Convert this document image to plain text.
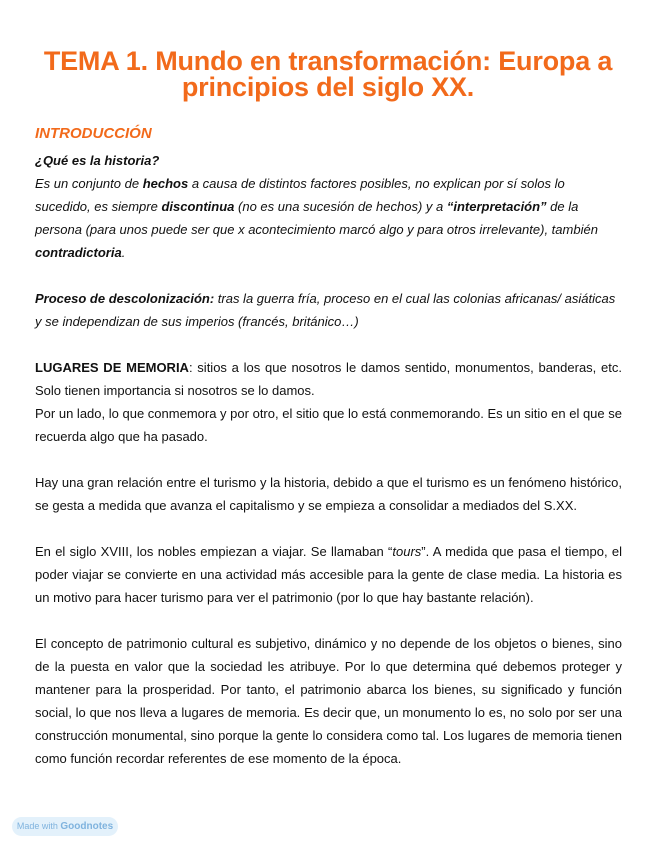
TEMA 1. Mundo en transformación: Europa a
principios del siglo XX.
INTRODUCCIÓN
¿Qué es la historia?
Es un conjunto de hechos a causa de distintos factores posibles, no explican por sí solos lo sucedido, es siempre discontinua (no es una sucesión de hechos) y a “interpretación” de la persona (para unos puede ser que x acontecimiento marcó algo y para otros irrelevante), también contradictoria.
Proceso de descolonización: tras la guerra fría, proceso en el cual las colonias africanas/ asiáticas y se independizan de sus imperios (francés, británico…)
LUGARES DE MEMORIA: sitios a los que nosotros le damos sentido, monumentos, banderas, etc. Solo tienen importancia si nosotros se lo damos.
Por un lado, lo que conmemora y por otro, el sitio que lo está conmemorando. Es un sitio en el que se recuerda algo que ha pasado.
Hay una gran relación entre el turismo y la historia, debido a que el turismo es un fenómeno histórico, se gesta a medida que avanza el capitalismo y se empieza a consolidar a mediados del S.XX.
En el siglo XVIII, los nobles empiezan a viajar. Se llamaban “tours”. A medida que pasa el tiempo, el poder viajar se convierte en una actividad más accesible para la gente de clase media. La historia es un motivo para hacer turismo para ver el patrimonio (por lo que hay bastante relación).
El concepto de patrimonio cultural es subjetivo, dinámico y no depende de los objetos o bienes, sino de la puesta en valor que la sociedad les atribuye. Por lo que determina qué debemos proteger y mantener para la prosperidad. Por tanto, el patrimonio abarca los bienes, su significado y función social, lo que nos lleva a lugares de memoria. Es decir que, un monumento lo es, no solo por ser una construcción monumental, sino porque la gente lo considera como tal. Los lugares de memoria tienen como función recordar referentes de ese momento de la época.
Made with Goodnotes
